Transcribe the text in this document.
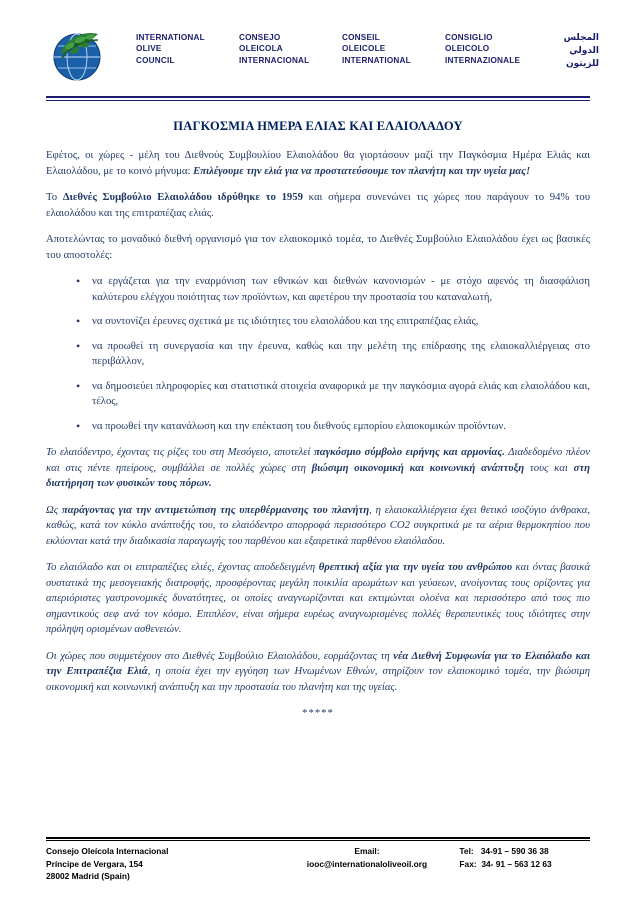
INTERNATIONAL
OLIVE
COUNCIL
CONSEJO
OLEICOLA
INTERNACIONAL
CONSEIL
OLEICOLE
INTERNATIONAL
CONSIGLIO
OLEICOLO
INTERNAZIONALE
المجلس
الدولي
للزيتون
ΠΑΓΚΟΣΜΙΑ ΗΜΕΡΑ ΕΛΙΑΣ ΚΑΙ ΕΛΑΙΟΛΑΔΟΥ

Εφέτος, οι χώρες - μέλη του Διεθνούς Συμβουλίου Ελαιολάδου θα γιορτάσουν μαζί την Παγκόσμια Ημέρα Ελιάς και Ελαιολάδου, με το κοινό μήνυμα: Επιλέγουμε την ελιά για να προστατεύσουμε τον πλανήτη και την υγεία μας!

Το Διεθνές Συμβούλιο Ελαιολάδου ιδρύθηκε το 1959 και σήμερα συνενώνει τις χώρες που παράγουν το 94% του ελαιολάδου και της επιτραπέζιας ελιάς.

Αποτελώντας το μοναδικό διεθνή οργανισμό για τον ελαιοκομικό τομέα, το Διεθνές Συμβούλιο Ελαιολάδου έχει ως βασικές του αποστολές:

• να εργάζεται για την εναρμόνιση των εθνικών και διεθνών κανονισμών - με στόχο αφενός τη διασφάλιση καλύτερου ελέγχου ποιότητας των προϊόντων, και αφετέρου την προστασία του καταναλωτή,
• να συντονίζει έρευνες σχετικά με τις ιδιότητες του ελαιολάδου και της επιτραπέζιας ελιάς,
• να προωθεί τη συνεργασία και την έρευνα, καθώς και την μελέτη της επίδρασης της ελαιοκαλλιέργειας στο περιβάλλον,
• να δημοσιεύει πληροφορίες και στατιστικά στοιχεία αναφορικά με την παγκόσμια αγορά ελιάς και ελαιολάδου και, τέλος,
• να προωθεί την κατανάλωση και την επέκταση του διεθνούς εμπορίου ελαιοκομικών προϊόντων.

Το ελαιόδεντρο, έχοντας τις ρίζες του στη Μεσόγειο, αποτελεί παγκόσμιο σύμβολο ειρήνης και αρμονίας. Διαδεδομένο πλέον και στις πέντε ηπείρους, συμβάλλει σε πολλές χώρες στη βιώσιμη οικονομική και κοινωνική ανάπτυξη τους και στη διατήρηση των φυσικών τους πόρων.

Ως παράγοντας για την αντιμετώπιση της υπερθέρμανσης του πλανήτη, η ελαιοκαλλιέργεια έχει θετικό ισοζύγιο άνθρακα, καθώς, κατά τον κύκλο ανάπτυξής του, το ελαιόδεντρο απορροφά περισσότερο CO2 συγκριτικά με τα αέρια θερμοκηπίου που εκλύονται κατά την διαδικασία παραγωγής του παρθένου και εξαιρετικά παρθένου ελαιόλαδου.

Το ελαιόλαδο και οι επιτραπέζιες ελιές, έχοντας αποδεδειγμένη θρεπτική αξία για την υγεία του ανθρώπου και όντας βασικά συστατικά της μεσογειακής διατροφής, προσφέροντας μεγάλη ποικιλία αρωμάτων και γεύσεων, ανοίγοντας τους ορίζοντες για απεριόριστες γαστρονομικές δυνατότητες, οι οποίες αναγνωρίζονται και εκτιμώνται ολοένα και περισσότερο από τους πιο σημαντικούς σεφ ανά τον κόσμο. Επιπλέον, είναι σήμερα ευρέως αναγνωρισμένες πολλές θεραπευτικές τους ιδιότητες στην πρόληψη ορισμένων ασθενειών.

Οι χώρες που συμμετέχουν στο Διεθνές Συμβούλιο Ελαιολάδου, εορμάζοντας τη νέα Διεθνή Συμφωνία για το Ελαιόλαδο και την Επιτραπέζια Ελιά, η οποία έχει την εγγύηση των Ηνωμένων Εθνών, στηρίζουν τον ελαιοκομικό τομέα, την βιώσιμη οικονομική και κοινωνική ανάπτυξη και την προστασία του πλανήτη και της υγείας.

*****
Consejo Oleícola Internacional
Príncipe de Vergara, 154
28002 Madrid (Spain)
Email:
iooc@internationaloliveoil.org
Tel: 34-91 – 590 36 38
Fax: 34- 91 – 563 12 63
